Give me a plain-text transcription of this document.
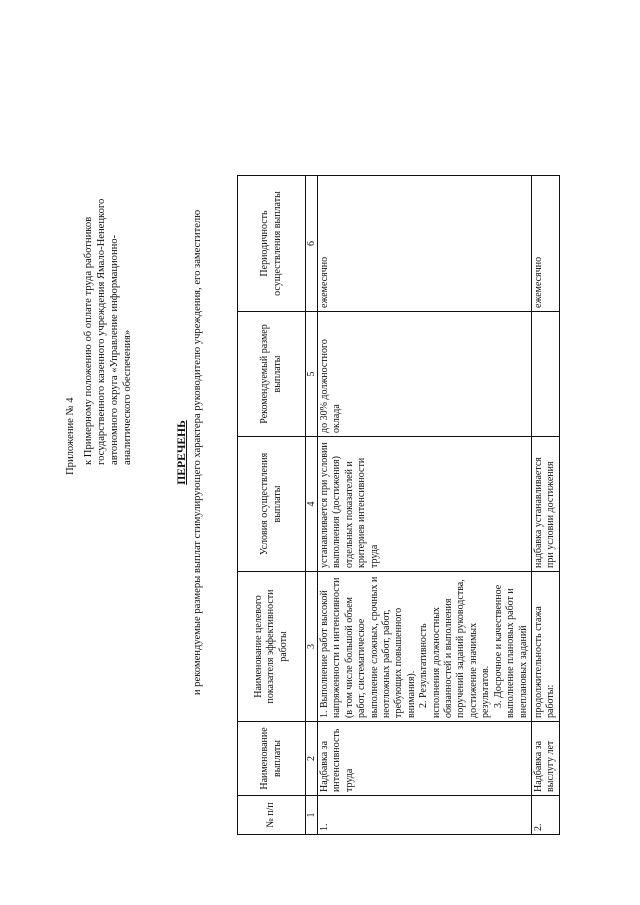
Приложение № 4 к Примерному положению об оплате труда работников государственного казенного учреждения Ямало-Ненецкого автономного округа «Управление информационно- аналитического обеспечения»	ПЕРЕЧЕНЬ и рекомендуемые размеры выплат стимулирующего характера руководителю учреждения, его заместителю
№ п/п	Наименование выплаты	Наименование целевого показателя эффективности работы	Условия осуществления выплаты	Рекомендуемый размер выплаты	Периодичность осуществления выплаты
1	2	3	4	5	6
1.	Надбавка за интенсивность труда	1. Выполнение работ высокой напряженности и интенсивности (в том числе большой объем работ, систематическое выполнение сложных, срочных и неотложных работ, работ, требующих повышенного внимания). 2. Результативность исполнения должностных обязанностей и выполнения поручений заданий руководства, достижение значимых результатов. 3. Досрочное и качественное выполнение плановых работ и внеплановых заданий	устанавливается при условии выполнения (достижения) отдельных показателей и критериев интенсивности труда	до 30% должностного оклада	ежемесячно
2.	Надбавка за выслугу лет	продолжительность стажа работы:	надбавка устанавливается при условии достижения		ежемесячно
